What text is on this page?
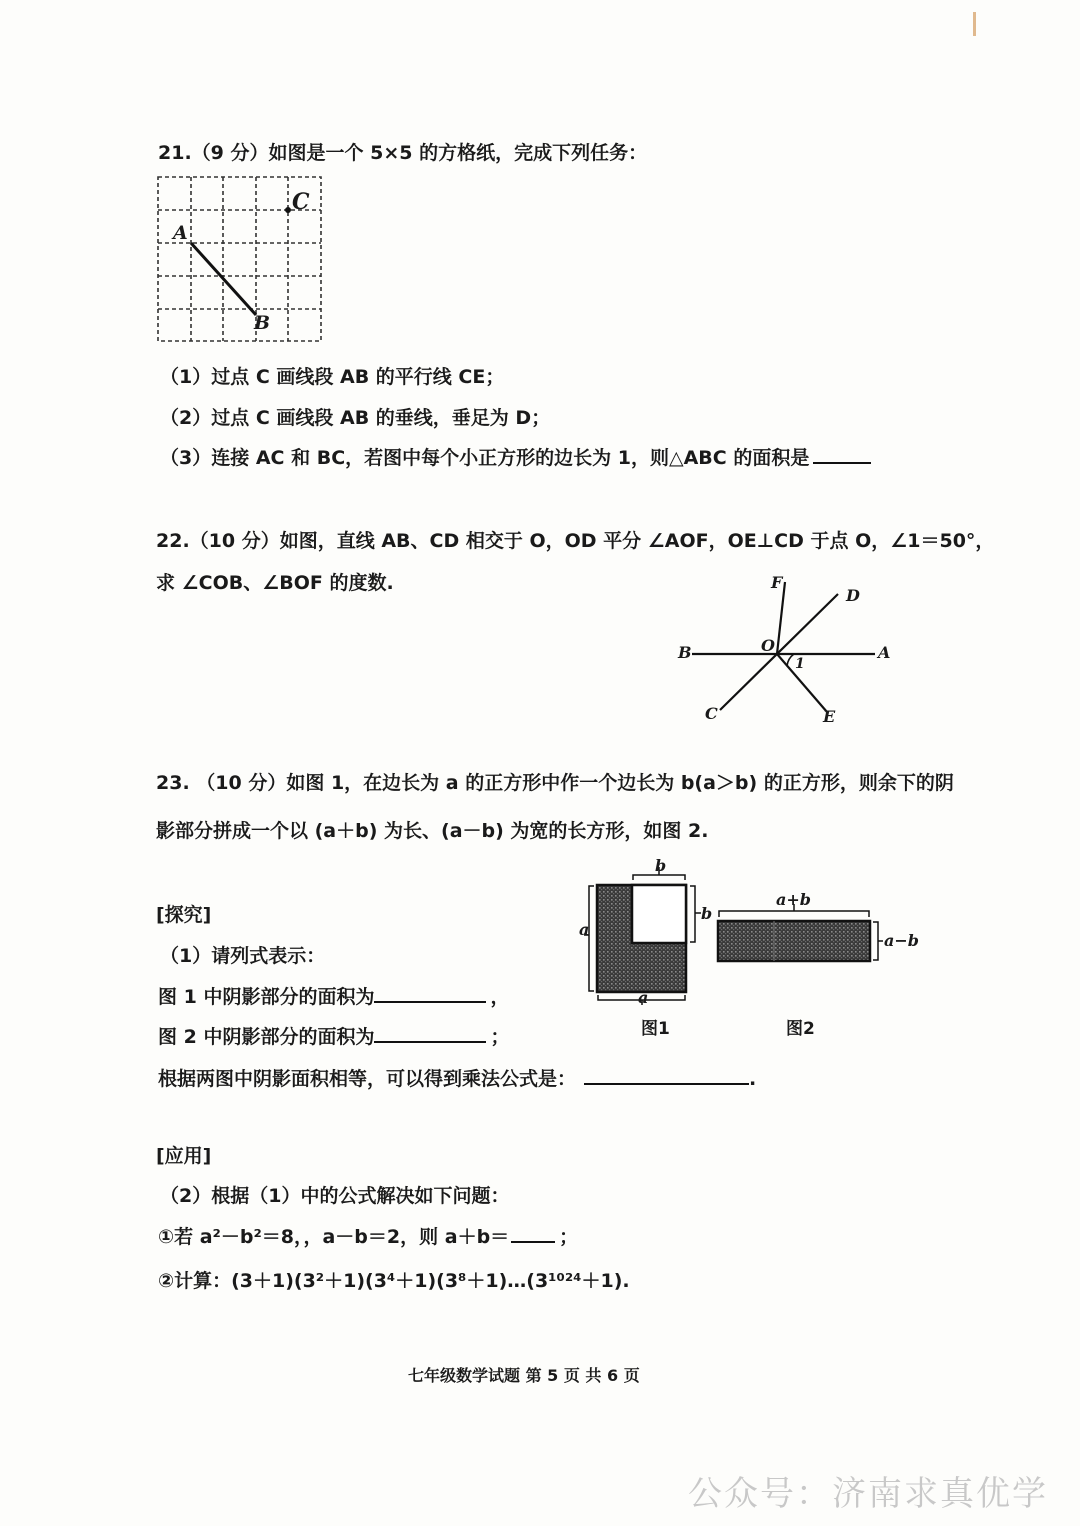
21.（9 分）如图是一个 5×5 的方格纸，完成下列任务：
A
B
C
（1）过点 C 画线段 AB 的平行线 CE；
（2）过点 C 画线段 AB 的垂线，垂足为 D；
（3）连接 AC 和 BC，若图中每个小正方形的边长为 1，则△ABC 的面积是
22.（10 分）如图，直线 AB、CD 相交于 O，OD 平分 ∠AOF，OE⊥CD 于点 O，∠1＝50°，
求 ∠COB、∠BOF 的度数.	F
D
O
B	A
1
C	E
23. （10 分）如图 1，在边长为 a 的正方形中作一个边长为 b(a＞b) 的正方形，则余下的阴
影部分拼成一个以 (a＋b) 为长、(a－b) 为宽的长方形，如图 2.
[探究]
（1）请列式表示：
图 1 中阴影部分的面积为	，
图 2 中阴影部分的面积为	；
根据两图中阴影面积相等，可以得到乘法公式是：	.
b
b
a
a
a+b
a−b
图1	图2
[应用]
（2）根据（1）中的公式解决如下问题：
①若 a²－b²＝8，，a－b＝2，则 a＋b＝	；
②计算：(3＋1)(3²＋1)(3⁴＋1)(3⁸＋1)…(3¹⁰²⁴＋1).
七年级数学试题 第 5 页 共 6 页
公众号：济南求真优学
